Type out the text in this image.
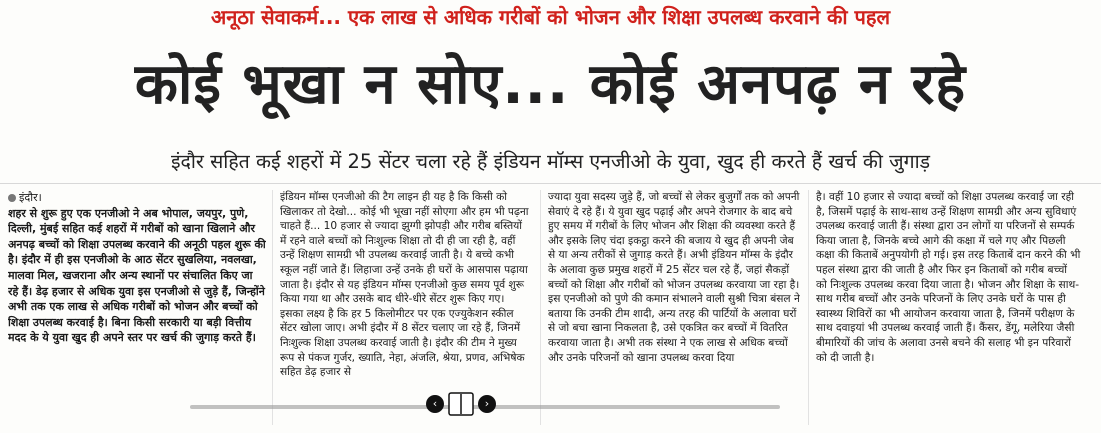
अनूठा सेवाकर्म... एक लाख से अधिक गरीबों को भोजन और शिक्षा उपलब्ध करवाने की पहल
कोई भूखा न सोए... कोई अनपढ़ न रहे
इंदौर सहित कई शहरों में 25 सेंटर चला रहे हैं इंडियन मॉम्स एनजीओ के युवा, खुद ही करते हैं खर्च की जुगाड़

इंदौर।
शहर से शुरू हुए एक एनजीओ ने अब भोपाल, जयपुर, पुणे, दिल्ली, मुंबई सहित कई शहरों में गरीबों को खाना खिलाने और अनपढ़ बच्चों को शिक्षा उपलब्ध करवाने की अनूठी पहल शुरू की है। इंदौर में ही इस एनजीओ के आठ सेंटर सुखलिया, नवलखा, मालवा मिल, खजराना और अन्य स्थानों पर संचालित किए जा रहे हैं। डेढ़ हजार से अधिक युवा इस एनजीओ से जुड़े हैं, जिन्होंने अभी तक एक लाख से अधिक गरीबों को भोजन और बच्चों को शिक्षा उपलब्ध करवाई है। बिना किसी सरकारी या बड़ी वित्तीय मदद के ये युवा खुद ही अपने स्तर पर खर्च की जुगाड़ करते हैं।

इंडियन मॉम्स एनजीओ की टैग लाइन ही यह है कि किसी को खिलाकर तो देखो... कोई भी भूखा नहीं सोएगा और हम भी पढ़ना चाहते हैं... 10 हजार से ज्यादा झुग्गी झोपड़ी और गरीब बस्तियों में रहने वाले बच्चों को निःशुल्क शिक्षा तो दी ही जा रही है, वहीं उन्हें शिक्षण सामग्री भी उपलब्ध करवाई जाती है। ये बच्चे कभी स्कूल नहीं जाते हैं। लिहाजा उन्हें उनके ही घरों के आसपास पढ़ाया जाता है। इंदौर से यह इंडियन मॉम्स एनजीओ कुछ समय पूर्व शुरू किया गया था और उसके बाद धीरे-धीरे सेंटर शुरू किए गए। इसका लक्ष्य है कि हर 5 किलोमीटर पर एक एज्युकेशन स्कील सेंटर खोला जाए। अभी इंदौर में 8 सेंटर चलाए जा रहे हैं, जिनमें निःशुल्क शिक्षा उपलब्ध करवाई जाती है। इंदौर की टीम ने मुख्य रूप से पंकज गुर्जर, ख्याति, नेहा, अंजलि, श्रेया, प्रणव, अभिषेक सहित डेढ़ हजार से

ज्यादा युवा सदस्य जुड़े हैं, जो बच्चों से लेकर बुजुर्गों तक को अपनी सेवाएं दे रहे हैं। ये युवा खुद पढ़ाई और अपने रोजगार के बाद बचे हुए समय में गरीबों के लिए भोजन और शिक्षा की व्यवस्था करते हैं और इसके लिए चंदा इकट्ठा करने की बजाय ये खुद ही अपनी जेब से या अन्य तरीकों से जुगाड़ करते हैं। अभी इंडियन मॉम्स के इंदौर के अलावा कुछ प्रमुख शहरों में 25 सेंटर चल रहे हैं, जहां सैकड़ों बच्चों को शिक्षा और गरीबों को भोजन उपलब्ध करवाया जा रहा है। इस एनजीओ को पुणे की कमान संभालने वाली सुश्री चित्रा बंसल ने बताया कि उनकी टीम शादी, अन्य तरह की पार्टियों के अलावा घरों से जो बचा खाना निकलता है, उसे एकत्रित कर बच्चों में वितरित करवाया जाता है। अभी तक संस्था ने एक लाख से अधिक बच्चों और उनके परिजनों को खाना उपलब्ध करवा दिया

है। वहीं 10 हजार से ज्यादा बच्चों को शिक्षा उपलब्ध करवाई जा रही है, जिसमें पढ़ाई के साथ-साथ उन्हें शिक्षण सामग्री और अन्य सुविधाएं उपलब्ध करवाई जाती हैं। संस्था द्वारा उन लोगों या परिजनों से सम्पर्क किया जाता है, जिनके बच्चे आगे की कक्षा में चले गए और पिछली कक्षा की किताबें अनुपयोगी हो गई। इस तरह किताबें दान करने की भी पहल संस्था द्वारा की जाती है और फिर इन किताबों को गरीब बच्चों को निःशुल्क उपलब्ध करवा दिया जाता है। भोजन और शिक्षा के साथ-साथ गरीब बच्चों और उनके परिजनों के लिए उनके घरों के पास ही स्वास्थ्य शिविरों का भी आयोजन करवाया जाता है, जिनमें परीक्षण के साथ दवाइयां भी उपलब्ध करवाई जाती हैं। कैंसर, डेंगू, मलेरिया जैसी बीमारियों की जांच के अलावा उनसे बचने की सलाह भी इन परिवारों को दी जाती है।

‹	›
